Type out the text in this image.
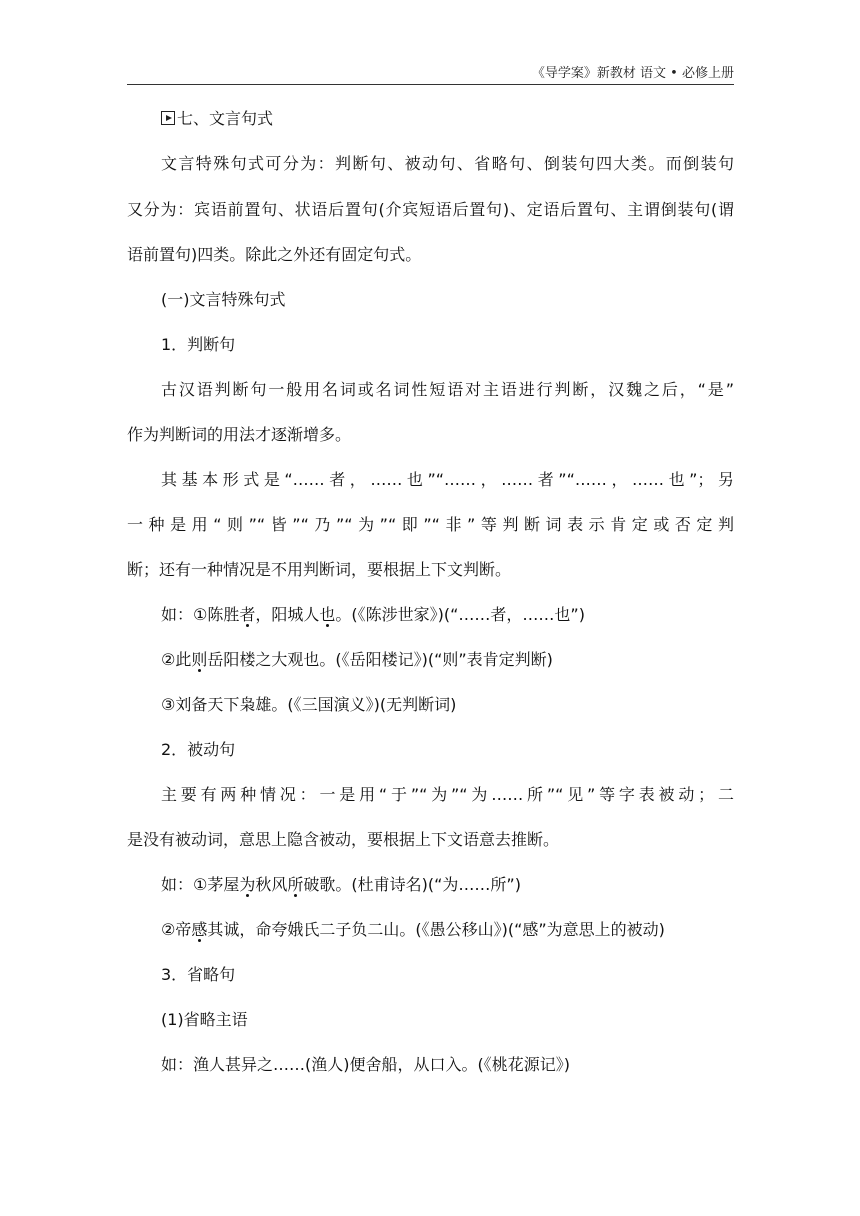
《导学案》新教材 语文 • 必修上册
七、文言句式
文言特殊句式可分为：判断句、被动句、省略句、倒装句四大类。而倒装句
又分为：宾语前置句、状语后置句(介宾短语后置句)、定语后置句、主谓倒装句(谓
语前置句)四类。除此之外还有固定句式。
(一)文言特殊句式
1．判断句
古汉语判断句一般用名词或名词性短语对主语进行判断，汉魏之后，“是”
作为判断词的用法才逐渐增多。
其基本形式是“……者，……也”“……，……者”“……，……也”；另
一种是用“则”“皆”“乃”“为”“即”“非”等判断词表示肯定或否定判
断；还有一种情况是不用判断词，要根据上下文判断。
如：①陈胜者，阳城人也。(《陈涉世家》)(“……者，……也”)
②此则岳阳楼之大观也。(《岳阳楼记》)(“则”表肯定判断)
③刘备天下枭雄。(《三国演义》)(无判断词)
2．被动句
主要有两种情况：一是用“于”“为”“为……所”“见”等字表被动；二
是没有被动词，意思上隐含被动，要根据上下文语意去推断。
如：①茅屋为秋风所破歌。(杜甫诗名)(“为……所”)
②帝感其诚，命夸娥氏二子负二山。(《愚公移山》)(“感”为意思上的被动)
3．省略句
(1)省略主语
如：渔人甚异之……(渔人)便舍船，从口入。(《桃花源记》)
